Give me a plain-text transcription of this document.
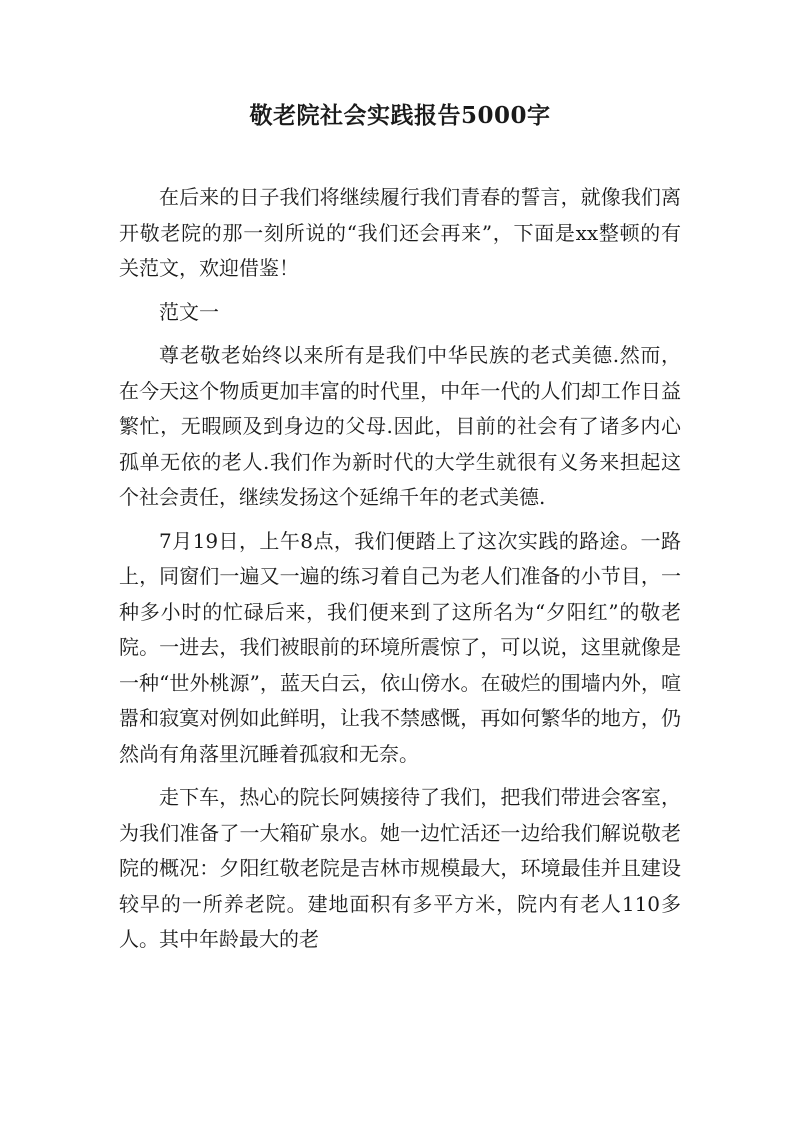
敬老院社会实践报告5000字

在后来的日子我们将继续履行我们青春的誓言，就像我们离开敬老院的那一刻所说的“我们还会再来”，下面是xx整顿的有关范文，欢迎借鉴！

范文一

尊老敬老始终以来所有是我们中华民族的老式美德.然而，在今天这个物质更加丰富的时代里，中年一代的人们却工作日益繁忙，无暇顾及到身边的父母.因此，目前的社会有了诸多内心孤单无依的老人.我们作为新时代的大学生就很有义务来担起这个社会责任，继续发扬这个延绵千年的老式美德.

7月19日，上午8点，我们便踏上了这次实践的路途。一路上，同窗们一遍又一遍的练习着自己为老人们准备的小节目，一种多小时的忙碌后来，我们便来到了这所名为“夕阳红”的敬老院。一进去，我们被眼前的环境所震惊了，可以说，这里就像是一种“世外桃源”，蓝天白云，依山傍水。在破烂的围墙内外，喧嚣和寂寞对例如此鲜明，让我不禁感慨，再如何繁华的地方，仍然尚有角落里沉睡着孤寂和无奈。

走下车，热心的院长阿姨接待了我们，把我们带进会客室，为我们准备了一大箱矿泉水。她一边忙活还一边给我们解说敬老院的概况：夕阳红敬老院是吉林市规模最大，环境最佳并且建设较早的一所养老院。建地面积有多平方米，院内有老人110多人。其中年龄最大的老
